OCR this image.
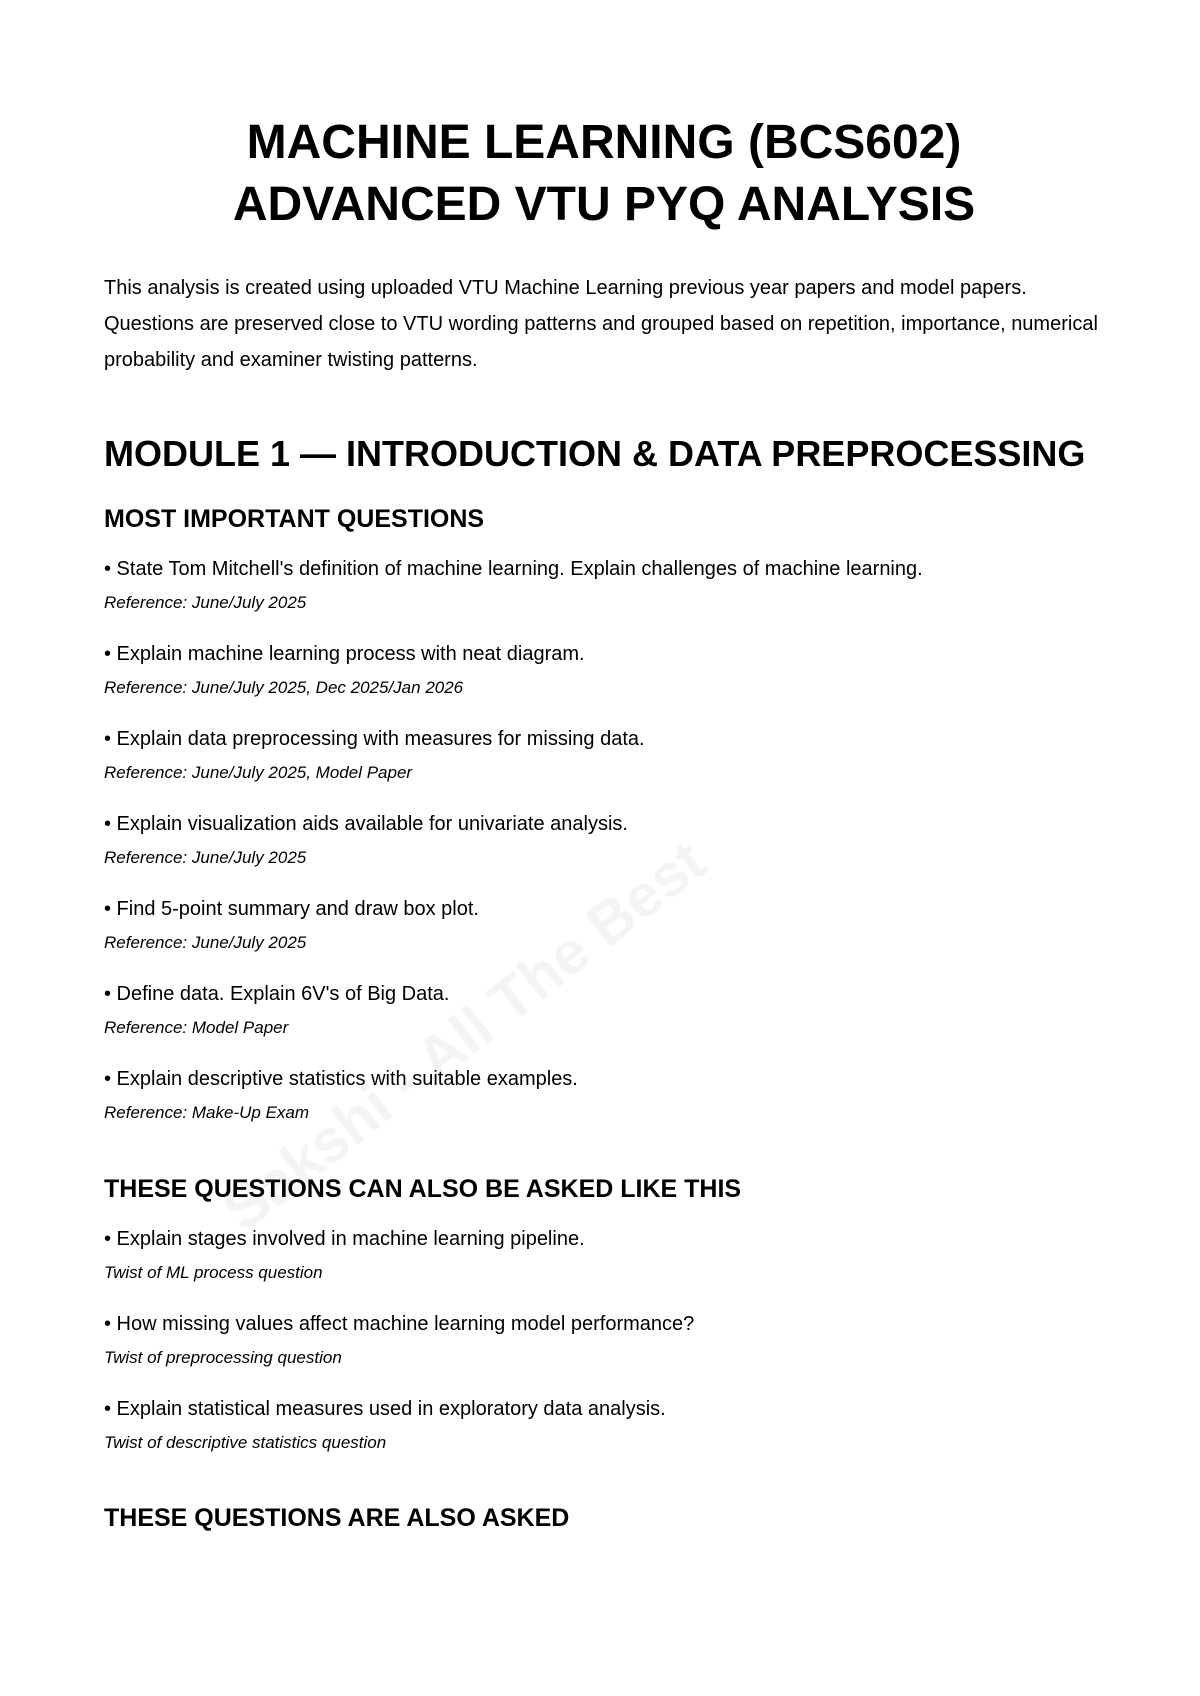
MACHINE LEARNING (BCS602)
ADVANCED VTU PYQ ANALYSIS

This analysis is created using uploaded VTU Machine Learning previous year papers and model papers. Questions are preserved close to VTU wording patterns and grouped based on repetition, importance, numerical probability and examiner twisting patterns.

MODULE 1 — INTRODUCTION & DATA PREPROCESSING
MOST IMPORTANT QUESTIONS
• State Tom Mitchell's definition of machine learning. Explain challenges of machine learning.
Reference: June/July 2025
• Explain machine learning process with neat diagram.
Reference: June/July 2025, Dec 2025/Jan 2026
• Explain data preprocessing with measures for missing data.
Reference: June/July 2025, Model Paper
• Explain visualization aids available for univariate analysis.
Reference: June/July 2025
• Find 5-point summary and draw box plot.
Reference: June/July 2025
• Define data. Explain 6V's of Big Data.
Reference: Model Paper
• Explain descriptive statistics with suitable examples.
Reference: Make-Up Exam
THESE QUESTIONS CAN ALSO BE ASKED LIKE THIS
• Explain stages involved in machine learning pipeline.
Twist of ML process question
• How missing values affect machine learning model performance?
Twist of preprocessing question
• Explain statistical measures used in exploratory data analysis.
Twist of descriptive statistics question
THESE QUESTIONS ARE ALSO ASKED
